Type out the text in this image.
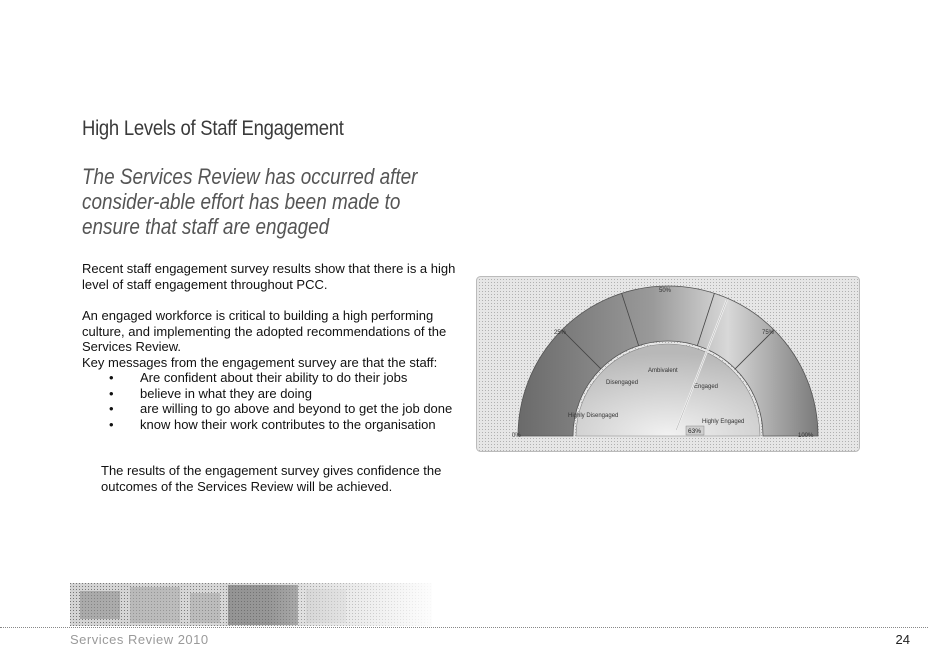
High Levels of Staff Engagement
The Services Review has occurred after consider-able effort has been made to ensure that staff are engaged

Recent staff engagement survey results show that there is a high level of staff engagement throughout PCC.

An engaged workforce is critical to building a high performing culture, and implementing the adopted recommendations of the Services Review.

Key messages from the engagement survey are that the staff:

• Are confident about their ability to do their jobs
• believe in what they are doing
• are willing to go above and beyond to get the job done
• know how their work contributes to the organisation
The results of the engagement survey gives confidence the outcomes of the Services Review will be achieved.
0%
25%
50%
75%
100%
Highly Disengaged
Disengaged
Ambivalent
Engaged
Highly Engaged
63%
Services Review 2010	24
